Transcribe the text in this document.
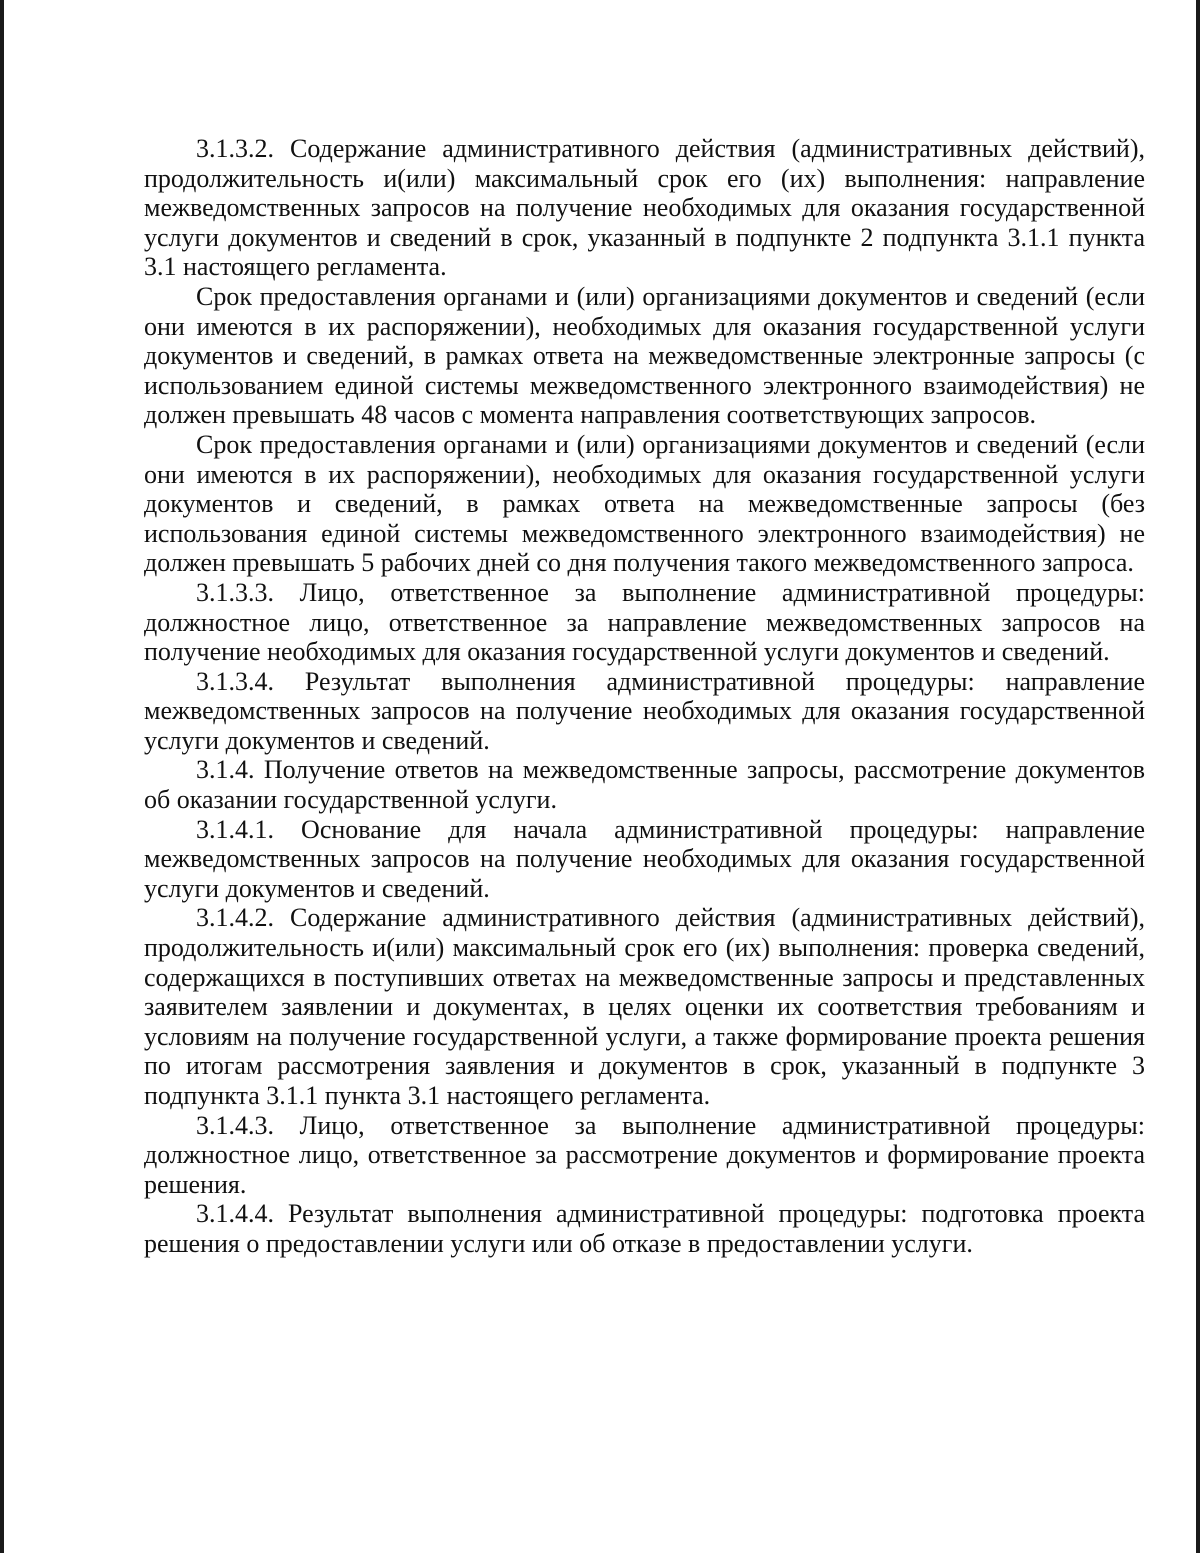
3.1.3.2. Содержание административного действия (административных действий), продолжительность и(или) максимальный срок его (их) выполнения: направление межведомственных запросов на получение необходимых для оказания государственной услуги документов и сведений в срок, указанный в подпункте 2 подпункта 3.1.1 пункта 3.1 настоящего регламента.

Срок предоставления органами и (или) организациями документов и сведений (если они имеются в их распоряжении), необходимых для оказания государственной услуги документов и сведений, в рамках ответа на межведомственные электронные запросы (с использованием единой системы межведомственного электронного взаимодействия) не должен превышать 48 часов с момента направления соответствующих запросов.

Срок предоставления органами и (или) организациями документов и сведений (если они имеются в их распоряжении), необходимых для оказания государственной услуги документов и сведений, в рамках ответа на межведомственные запросы (без использования единой системы межведомственного электронного взаимодействия) не должен превышать 5 рабочих дней со дня получения такого межведомственного запроса.

3.1.3.3. Лицо, ответственное за выполнение административной процедуры: должностное лицо, ответственное за направление межведомственных запросов на получение необходимых для оказания государственной услуги документов и сведений.

3.1.3.4. Результат выполнения административной процедуры: направление межведомственных запросов на получение необходимых для оказания государственной услуги документов и сведений.

3.1.4. Получение ответов на межведомственные запросы, рассмотрение документов об оказании государственной услуги.

3.1.4.1. Основание для начала административной процедуры: направление межведомственных запросов на получение необходимых для оказания государственной услуги документов и сведений.

3.1.4.2. Содержание административного действия (административных действий), продолжительность и(или) максимальный срок его (их) выполнения: проверка сведений, содержащихся в поступивших ответах на межведомственные запросы и представленных заявителем заявлении и документах, в целях оценки их соответствия требованиям и условиям на получение государственной услуги, а также формирование проекта решения по итогам рассмотрения заявления и документов в срок, указанный в подпункте 3 подпункта 3.1.1 пункта 3.1 настоящего регламента.

3.1.4.3. Лицо, ответственное за выполнение административной процедуры: должностное лицо, ответственное за рассмотрение документов и формирование проекта решения.

3.1.4.4. Результат выполнения административной процедуры: подготовка проекта решения о предоставлении услуги или об отказе в предоставлении услуги.
